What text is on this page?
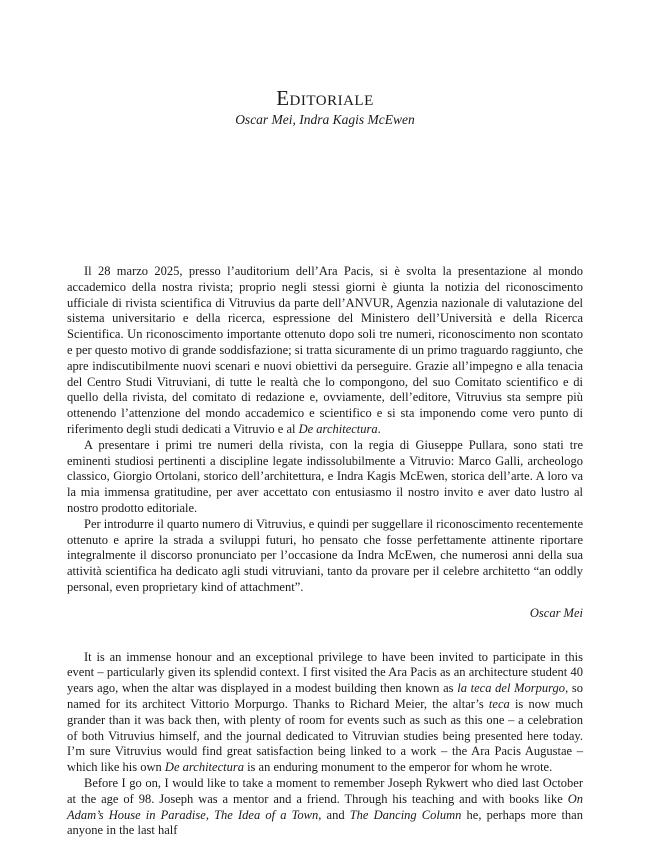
Editoriale
Oscar Mei, Indra Kagis McEwen

Il 28 marzo 2025, presso l’auditorium dell’Ara Pacis, si è svolta la presentazione al mondo accademico della nostra rivista; proprio negli stessi giorni è giunta la notizia del riconoscimento ufficiale di rivista scientifica di Vitruvius da parte dell’ANVUR, Agenzia nazionale di valutazione del sistema universitario e della ricerca, espressione del Ministero dell’Università e della Ricerca Scientifica. Un riconoscimento importante ottenuto dopo soli tre numeri, riconoscimento non scontato e per questo motivo di grande soddisfazione; si tratta sicuramente di un primo traguardo raggiunto, che apre indiscutibilmente nuovi scenari e nuovi obiettivi da perseguire. Grazie all’impegno e alla tenacia del Centro Studi Vitruviani, di tutte le realtà che lo compongono, del suo Comitato scientifico e di quello della rivista, del comitato di redazione e, ovviamente, dell’editore, Vitruvius sta sempre più ottenendo l’attenzione del mondo accademico e scientifico e si sta imponendo come vero punto di riferimento degli studi dedicati a Vitruvio e al De architectura.

A presentare i primi tre numeri della rivista, con la regia di Giuseppe Pullara, sono stati tre eminenti studiosi pertinenti a discipline legate indissolubilmente a Vitruvio: Marco Galli, archeologo classico, Giorgio Ortolani, storico dell’architettura, e Indra Kagis McEwen, storica dell’arte. A loro va la mia immensa gratitudine, per aver accettato con entusiasmo il nostro invito e aver dato lustro al nostro prodotto editoriale.

Per introdurre il quarto numero di Vitruvius, e quindi per suggellare il riconoscimento recentemente ottenuto e aprire la strada a sviluppi futuri, ho pensato che fosse perfettamente attinente riportare integralmente il discorso pronunciato per l’occasione da Indra McEwen, che numerosi anni della sua attività scientifica ha dedicato agli studi vitruviani, tanto da provare per il celebre architetto “an oddly personal, even proprietary kind of attachment”.

Oscar Mei

It is an immense honour and an exceptional privilege to have been invited to participate in this event – particularly given its splendid context. I first visited the Ara Pacis as an architecture student 40 years ago, when the altar was displayed in a modest building then known as la teca del Morpurgo, so named for its architect Vittorio Morpurgo. Thanks to Richard Meier, the altar’s teca is now much grander than it was back then, with plenty of room for events such as such as this one – a celebration of both Vitruvius himself, and the journal dedicated to Vitruvian studies being presented here today. I’m sure Vitruvius would find great satisfaction being linked to a work – the Ara Pacis Augustae – which like his own De architectura is an enduring monument to the emperor for whom he wrote.

Before I go on, I would like to take a moment to remember Joseph Rykwert who died last October at the age of 98. Joseph was a mentor and a friend. Through his teaching and with books like On Adam’s House in Paradise, The Idea of a Town, and The Dancing Column he, perhaps more than anyone in the last half
